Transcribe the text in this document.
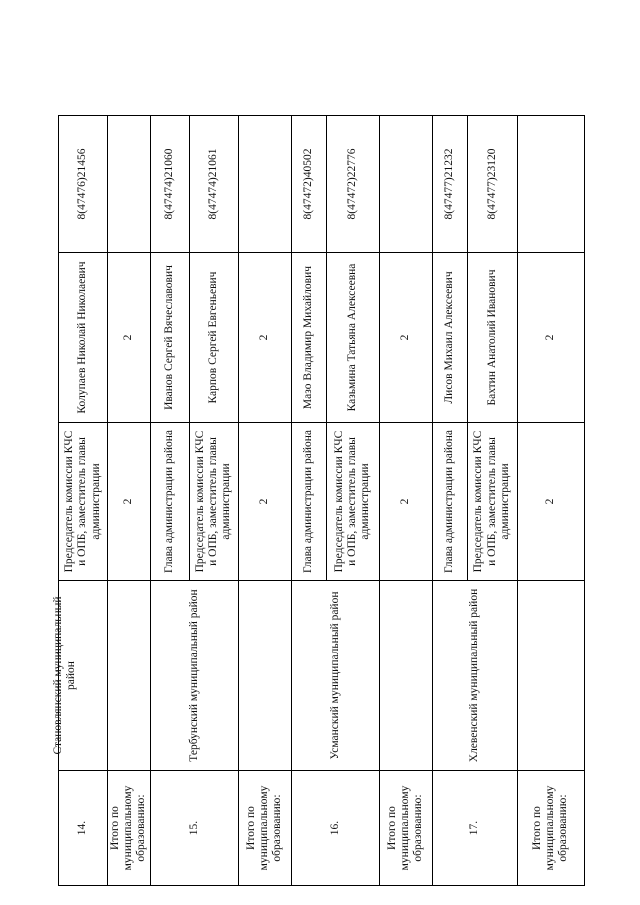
14.	Становлянский муниципальный район	Председатель комиссии КЧС и ОПБ, заместитель главы администрации	Колупаев Николай Николаевич	8(47476)21456
Итого по муниципальному образованию:		2	2	
15.	Тербунский муниципальный район	Глава администрации района	Иванов Сергей Вячеславович	8(47474)21060
		Председатель комиссии КЧС и ОПБ, заместитель главы администрации	Карпов Сергей Евгеньевич	8(47474)21061
Итого по муниципальному образованию:		2	2	
16.	Усманский муниципальный район	Глава администрации района	Мазо Владимир Михайлович	8(47472)40502
		Председатель комиссии КЧС и ОПБ, заместитель главы администрации	Казьмина Татьяна Алексеевна	8(47472)22776
Итого по муниципальному образованию:		2	2	
17.	Хлевенский муниципальный район	Глава администрации района	Лисов Михаил Алексеевич	8(47477)21232
		Председатель комиссии КЧС и ОПБ, заместитель главы администрации	Бахтин Анатолий Иванович	8(47477)23120
Итого по муниципальному образованию:		2	2	
